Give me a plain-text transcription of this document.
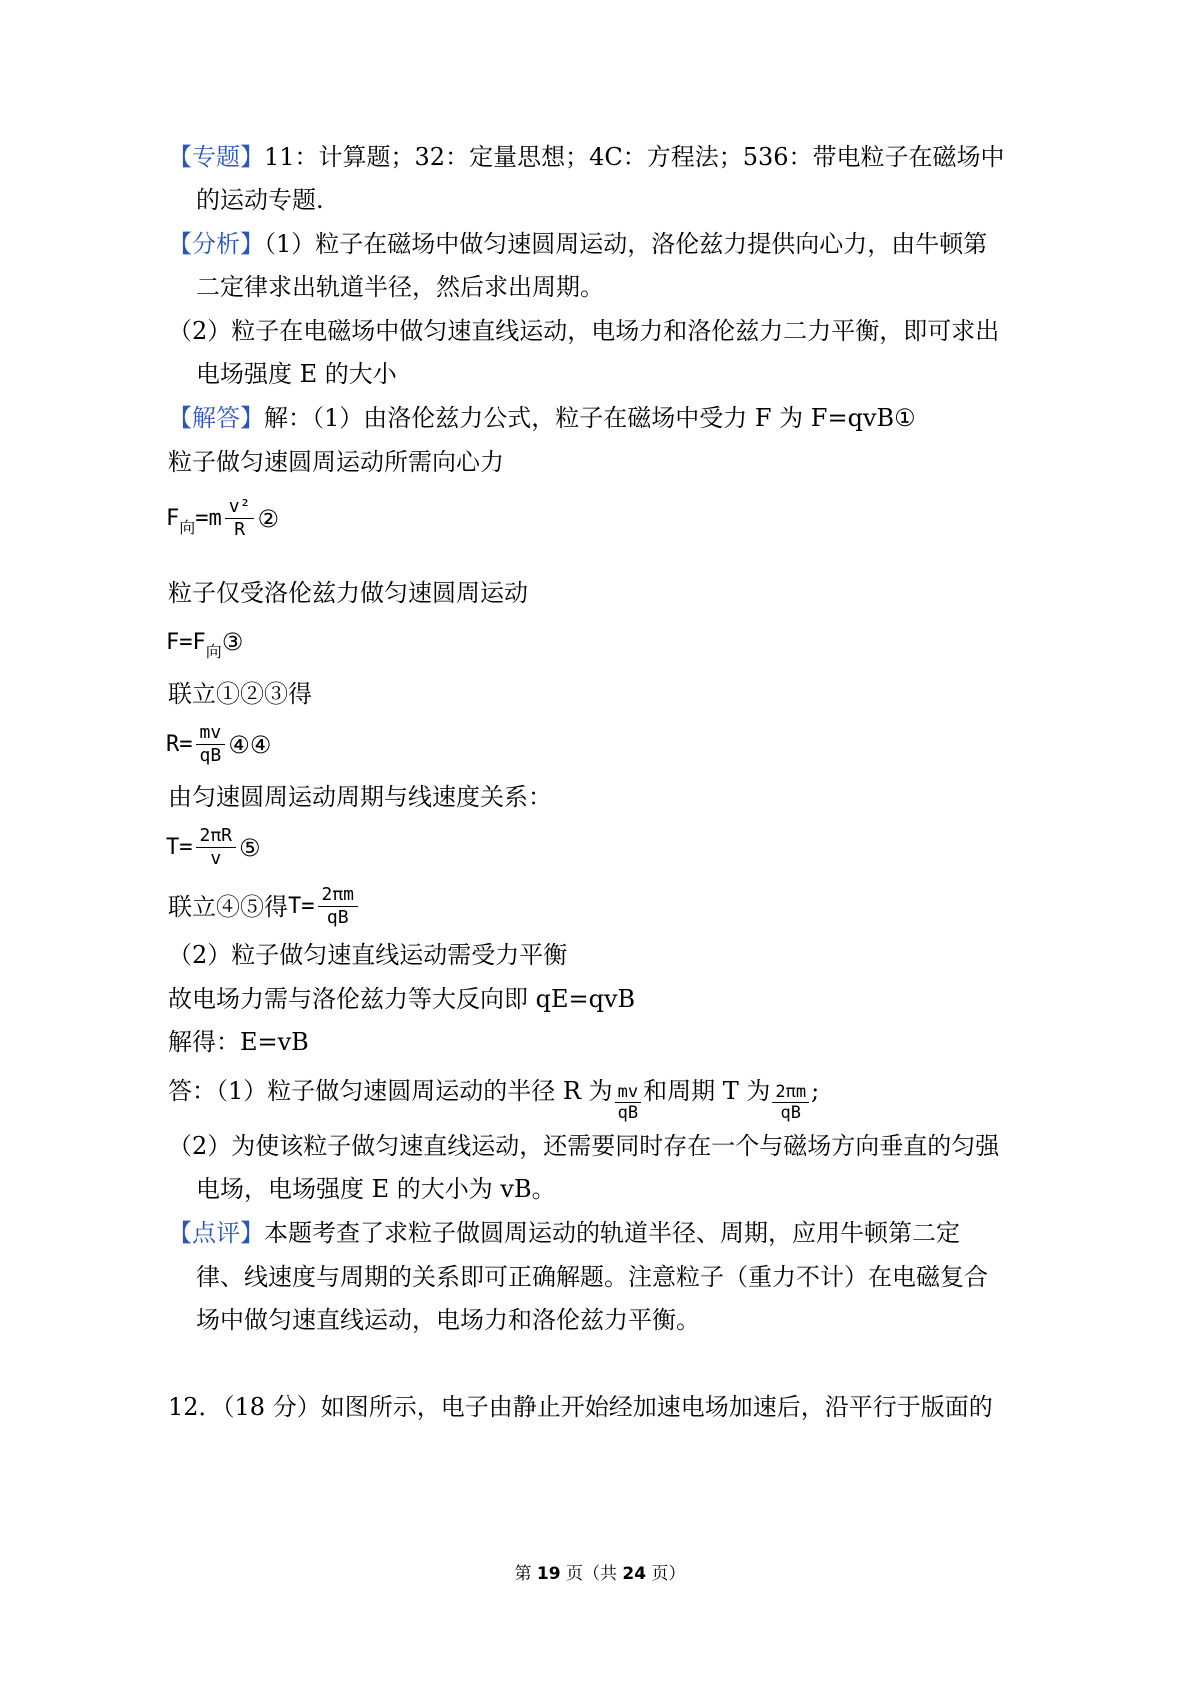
【专题】11：计算题；32：定量思想；4C：方程法；536：带电粒子在磁场中
的运动专题.
【分析】（1）粒子在磁场中做匀速圆周运动，洛伦兹力提供向心力，由牛顿第
二定律求出轨道半径，然后求出周期。
（2）粒子在电磁场中做匀速直线运动，电场力和洛伦兹力二力平衡，即可求出
电场强度 E 的大小
【解答】解：（1）由洛伦兹力公式，粒子在磁场中受力 F 为 F=qvB①
粒子做匀速圆周运动所需向心力
F 向 $=m \frac{\text{v²}}{R}$ ②
粒子仅受洛伦兹力做匀速圆周运动
F=F 向 ③
联立①②③得
$R= \frac{mv}{qB}$ ④④
由匀速圆周运动周期与线速度关系：
$T= \frac{2\pi R}{v}$ ⑤
联立④⑤得 $T= \frac{2\pi m}{qB}$
（2）粒子做匀速直线运动需受力平衡
故电场力需与洛伦兹力等大反向即 qE=qvB
解得：E=vB
答：（1）粒子做匀速圆周运动的半径 R 为 $\frac{mv}{qB}$ 和周期 T 为 $\frac{2\pi m}{qB}$ ;
（2）为使该粒子做匀速直线运动，还需要同时存在一个与磁场方向垂直的匀强
电场，电场强度 E 的大小为 vB。
【点评】本题考查了求粒子做圆周运动的轨道半径、周期，应用牛顿第二定
律、线速度与周期的关系即可正确解题。注意粒子（重力不计）在电磁复合
场中做匀速直线运动，电场力和洛伦兹力平衡。
12．（18 分）如图所示，电子由静止开始经加速电场加速后，沿平行于版面的
第 19 页（共 24 页）
